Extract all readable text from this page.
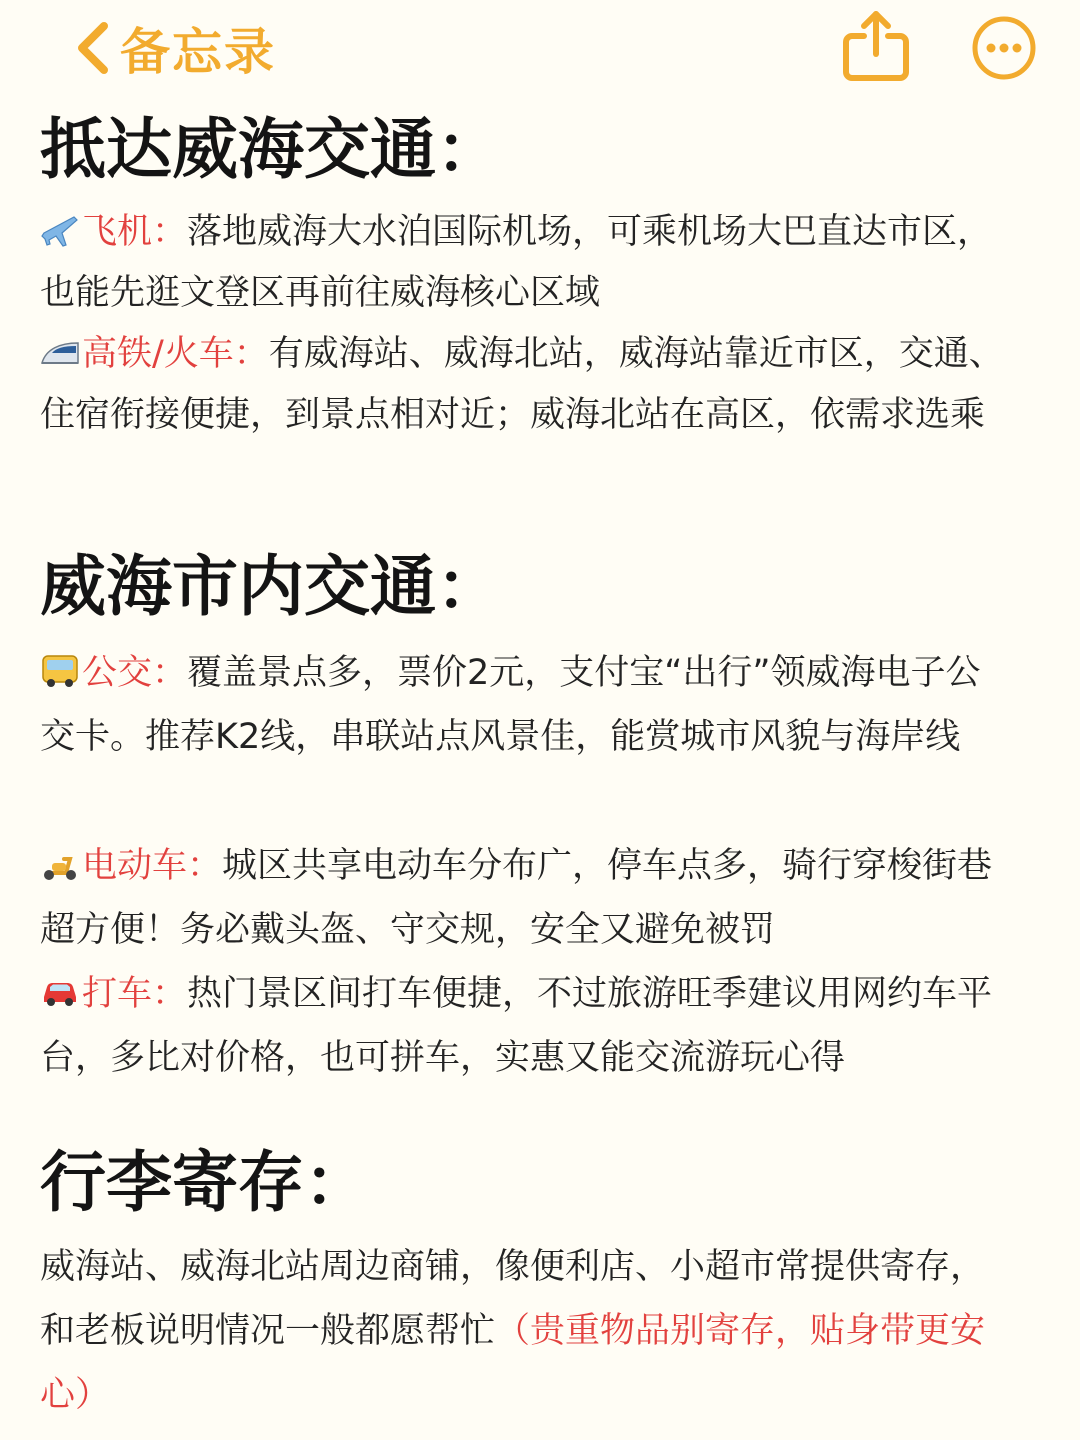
备忘录
抵达威海交通：
飞机：落地威海大水泊国际机场，可乘机场大巴直达市区，也能先逛文登区再前往威海核心区域
高铁/火车：有威海站、威海北站，威海站靠近市区，交通、住宿衔接便捷，到景点相对近；威海北站在高区，依需求选乘
威海市内交通：
公交：覆盖景点多，票价2元，支付宝“出行”领威海电子公交卡。推荐K2线，串联站点风景佳，能赏城市风貌与海岸线
电动车：城区共享电动车分布广，停车点多，骑行穿梭街巷超方便！务必戴头盔、守交规，安全又避免被罚
打车：热门景区间打车便捷，不过旅游旺季建议用网约车平台，多比对价格，也可拼车，实惠又能交流游玩心得
行李寄存：
威海站、威海北站周边商铺，像便利店、小超市常提供寄存，和老板说明情况一般都愿帮忙（贵重物品别寄存，贴身带更安心）
